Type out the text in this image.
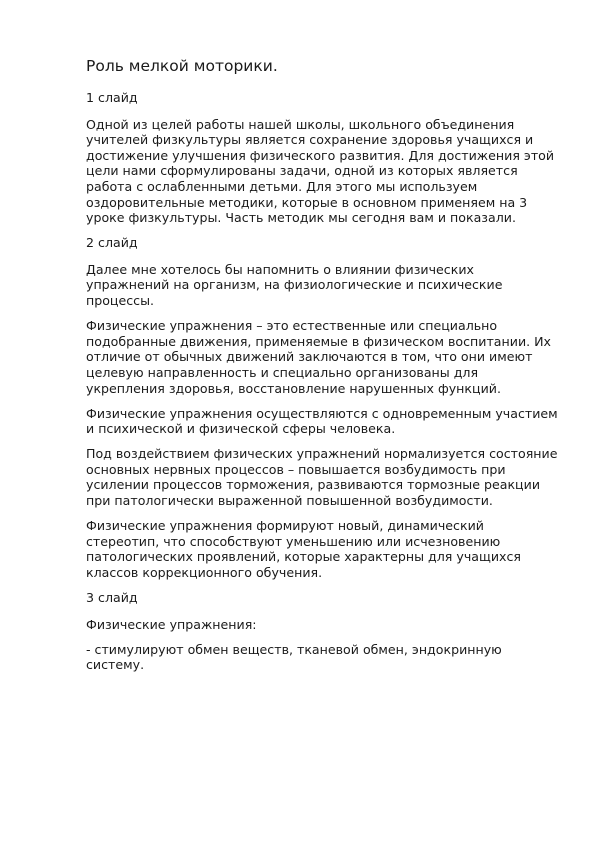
Роль мелкой моторики.

1 слайд

Одной из целей работы нашей школы, школьного объединения учителей физкультуры является сохранение здоровья учащихся и достижение улучшения физического развития. Для достижения этой цели нами сформулированы задачи, одной из которых является работа с ослабленными детьми. Для этого мы используем оздоровительные методики, которые в основном применяем на 3 уроке физкультуры. Часть методик мы сегодня вам и показали.

2 слайд

Далее мне хотелось бы напомнить о влиянии физических упражнений на организм, на физиологические и психические процессы.

Физические упражнения – это естественные или специально подобранные движения, применяемые в физическом воспитании. Их отличие от обычных движений заключаются в том, что они имеют целевую направленность и специально организованы для укрепления здоровья, восстановление нарушенных функций.

Физические упражнения осуществляются с одновременным участием и психической и физической сферы человека.

Под воздействием физических упражнений нормализуется состояние основных нервных процессов – повышается возбудимость при усилении процессов торможения, развиваются тормозные реакции при патологически выраженной повышенной возбудимости.

Физические упражнения формируют новый, динамический стереотип, что способствуют уменьшению или исчезновению патологических проявлений, которые характерны для учащихся классов коррекционного обучения.

3 слайд

Физические упражнения:

- стимулируют обмен веществ, тканевой обмен, эндокринную систему.
